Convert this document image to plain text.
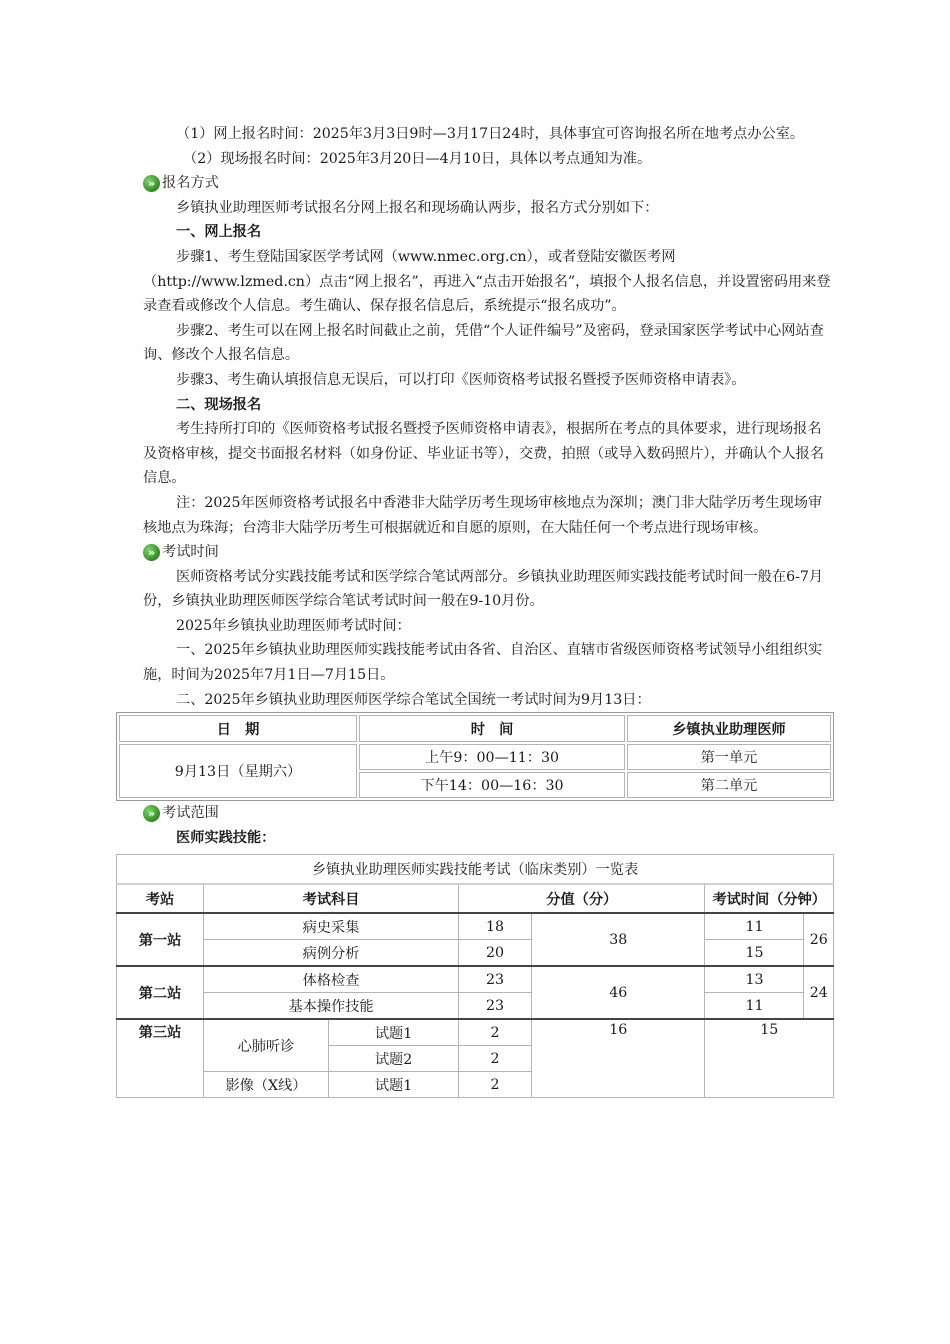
（1）网上报名时间：2025年3月3日9时—3月17日24时，具体事宜可咨询报名所在地考点办公室。

（2）现场报名时间：2025年3月20日—4月10日，具体以考点通知为准。

» 报名方式

乡镇执业助理医师考试报名分网上报名和现场确认两步，报名方式分别如下：

一、网上报名

步骤1、考生登陆国家医学考试网（www.nmec.org.cn），或者登陆安徽医考网（http://www.lzmed.cn）点击“网上报名”，再进入“点击开始报名”，填报个人报名信息，并设置密码用来登录查看或修改个人信息。考生确认、保存报名信息后，系统提示“报名成功”。

步骤2、考生可以在网上报名时间截止之前，凭借“个人证件编号”及密码，登录国家医学考试中心网站查询、修改个人报名信息。

步骤3、考生确认填报信息无误后，可以打印《医师资格考试报名暨授予医师资格申请表》。

二、现场报名

考生持所打印的《医师资格考试报名暨授予医师资格申请表》，根据所在考点的具体要求，进行现场报名及资格审核，提交书面报名材料（如身份证、毕业证书等），交费，拍照（或导入数码照片），并确认个人报名信息。

注：2025年医师资格考试报名中香港非大陆学历考生现场审核地点为深圳；澳门非大陆学历考生现场审核地点为珠海；台湾非大陆学历考生可根据就近和自愿的原则，在大陆任何一个考点进行现场审核。

» 考试时间

医师资格考试分实践技能考试和医学综合笔试两部分。乡镇执业助理医师实践技能考试时间一般在6-7月份，乡镇执业助理医师医学综合笔试考试时间一般在9-10月份。

2025年乡镇执业助理医师考试时间：

一、2025年乡镇执业助理医师实践技能考试由各省、自治区、直辖市省级医师资格考试领导小组组织实施，时间为2025年7月1日—7月15日。

二、2025年乡镇执业助理医师医学综合笔试全国统一考试时间为9月13日：

日　期	时　间	乡镇执业助理医师
9月13日（星期六）	上午9：00—11：30	第一单元
	下午14：00—16：30	第二单元
» 考试范围

医师实践技能：

乡镇执业助理医师实践技能考试（临床类别）一览表						
考站	考试科目		分值（分）		考试时间（分钟）	
第一站	病史采集		18	38	11	26
	病例分析		20		15	
第二站	体格检查		23	46	13	24
	基本操作技能		23		11	
第三站	心肺听诊	试题1	2	16	15	
		试题2	2			
	影像（X线）	试题1	2			
